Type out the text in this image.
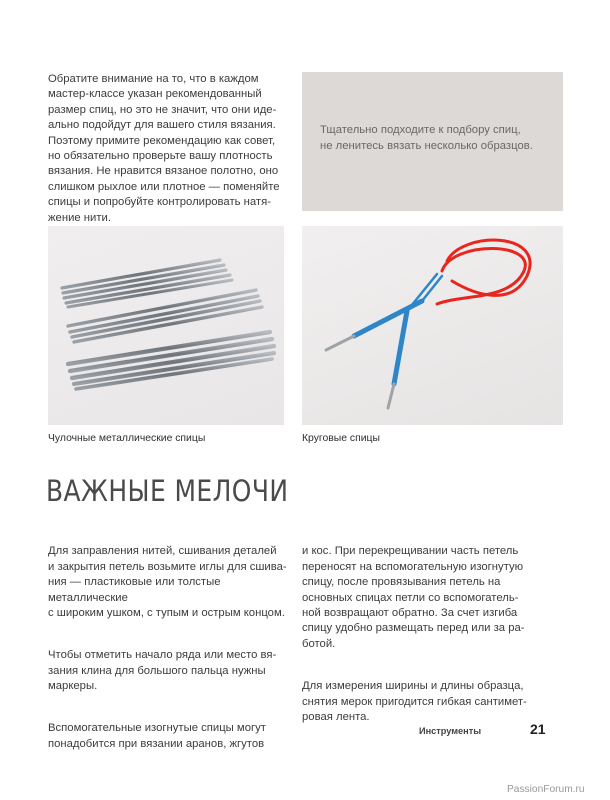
Обратите внимание на то, что в каждом
мастер-классе указан рекомендованный
размер спиц, но это не значит, что они иде-
ально подойдут для вашего стиля вязания.
Поэтому примите рекомендацию как совет,
но обязательно проверьте вашу плотность
вязания. Не нравится вязаное полотно, оно
слишком рыхлое или плотное — поменяйте
спицы и попробуйте контролировать натя-
жение нити.
Тщательно подходите к подбору спиц,
не ленитесь вязать несколько образцов.
Чулочные металлические спицы	Круговые спицы
ВАЖНЫЕ МЕЛОЧИ

Для заправления нитей, сшивания деталей
и закрытия петель возьмите иглы для сшива-
ния — пластиковые или толстые металлические
с широким ушком, с тупым и острым концом.

Чтобы отметить начало ряда или место вя-
зания клина для большого пальца нужны
маркеры.

Вспомогательные изогнутые спицы могут
понадобится при вязании аранов, жгутов

и кос. При перекрещивании часть петель
переносят на вспомогательную изогнутую
спицу, после провязывания петель на
основных спицах петли со вспомогатель-
ной возвращают обратно. За счет изгиба
спицу удобно размещать перед или за ра-
ботой.

Для измерения ширины и длины образца,
снятия мерок пригодится гибкая сантимет-
ровая лента.

Инструменты	21
PassionForum.ru
